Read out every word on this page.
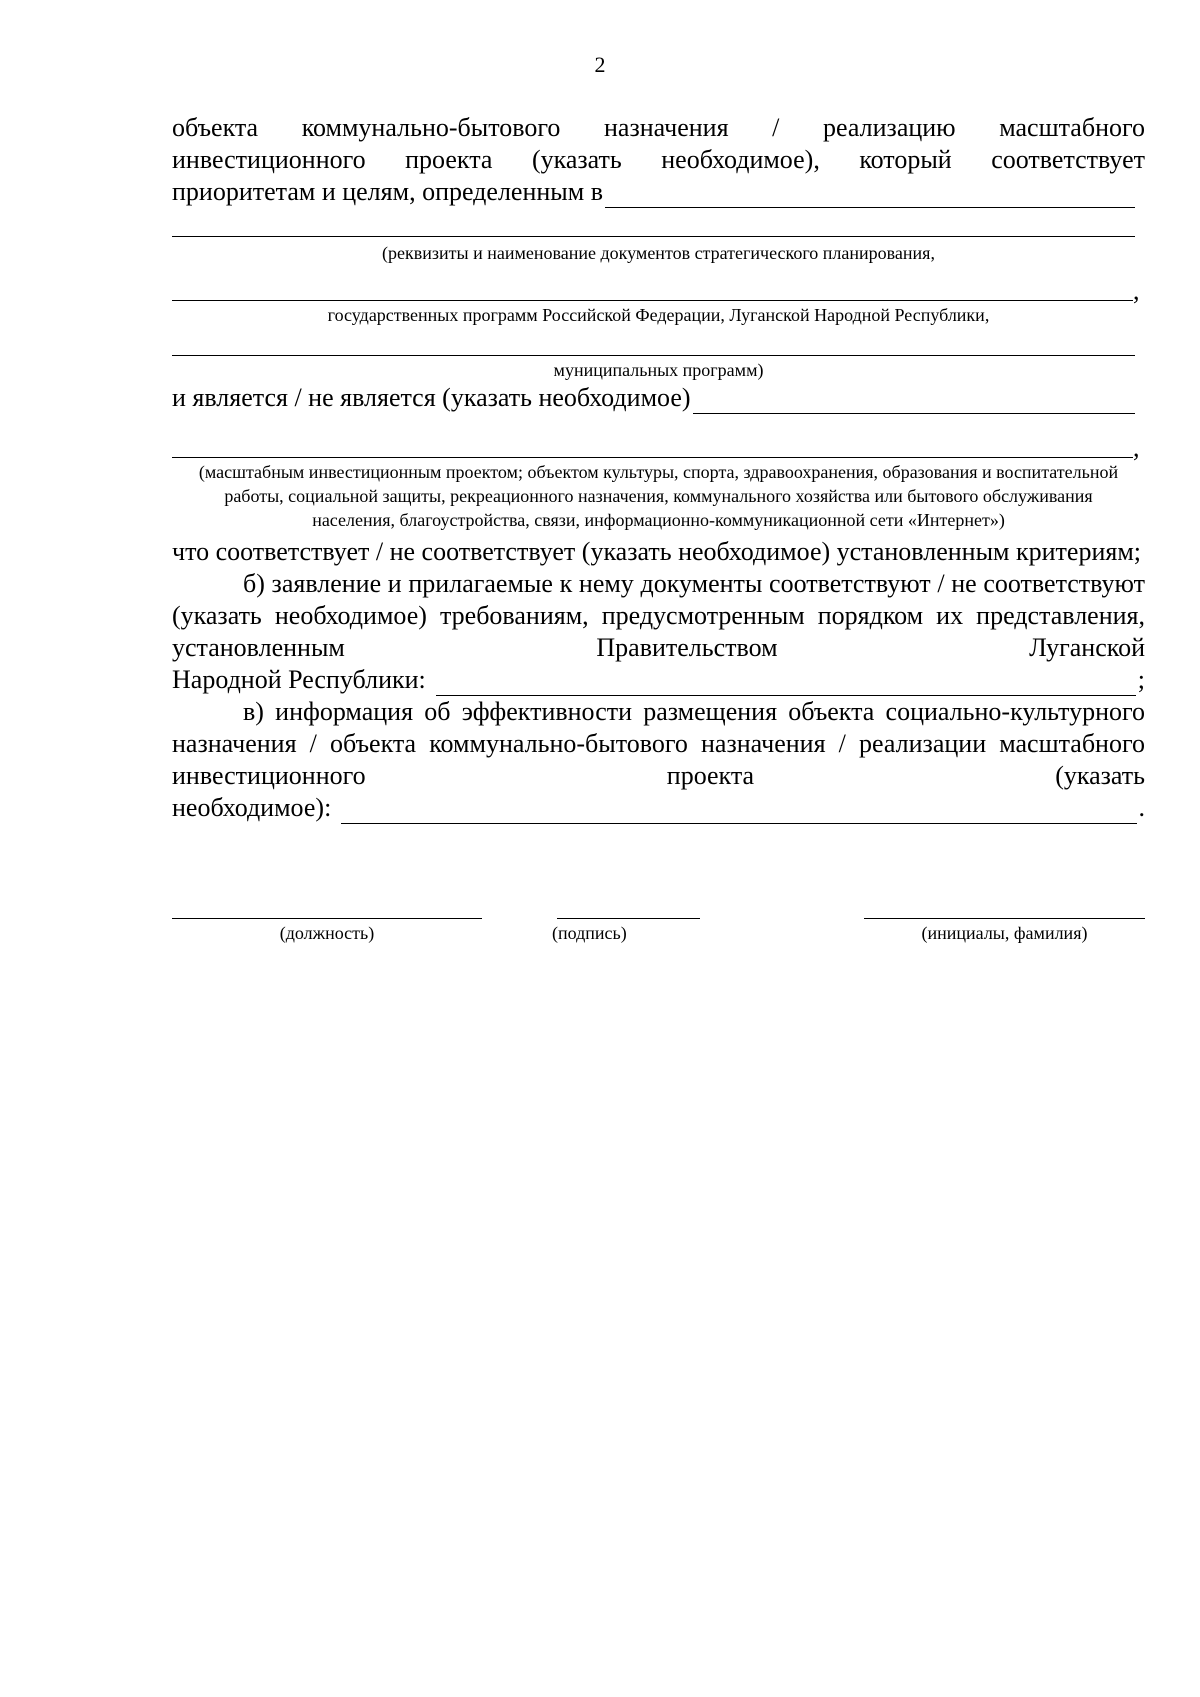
2

объекта коммунально-бытового назначения / реализацию масштабного инвестиционного проекта (указать необходимое), который соответствует

приоритетам и целям, определенным в

(реквизиты и наименование документов стратегического планирования,

,

государственных программ Российской Федерации, Луганской Народной Республики,

муниципальных программ)

и является / не является (указать необходимое)
,

(масштабным инвестиционным проектом; объектом культуры, спорта, здравоохранения, образования и воспитательной работы, социальной защиты, рекреационного назначения, коммунального хозяйства или бытового обслуживания населения, благоустройства, связи, информационно-коммуникационной сети «Интернет»)

что соответствует / не соответствует (указать необходимое) установленным критериям;

б) заявление и прилагаемые к нему документы соответствуют / не соответствуют (указать необходимое) требованиям, предусмотренным порядком их представления, установленным Правительством Луганской

Народной Республики:	;

в) информация об эффективности размещения объекта социально-культурного назначения / объекта коммунально-бытового назначения / реализации масштабного инвестиционного проекта (указать

необходимое):	.
(должность)	(подпись)	(инициалы, фамилия)
